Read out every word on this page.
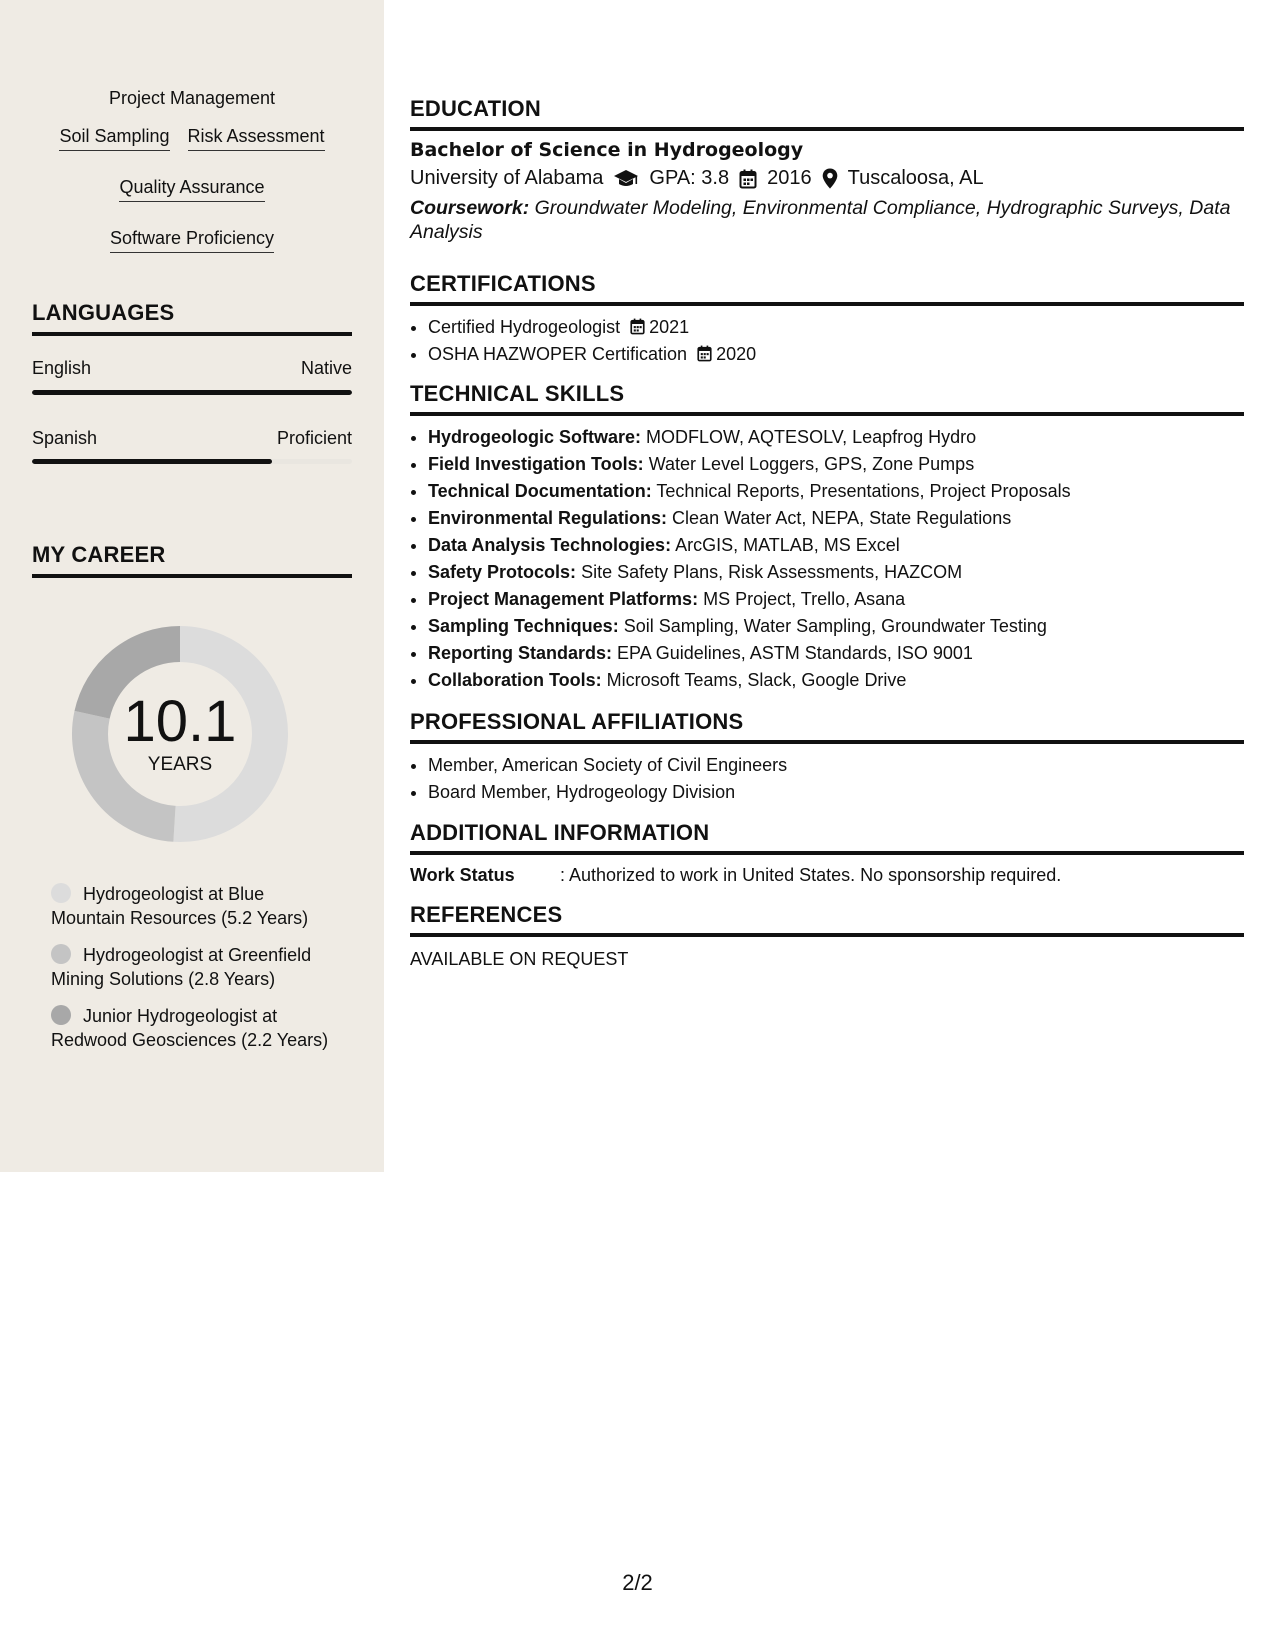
Project Management
Soil Sampling Risk Assessment
Quality Assurance
Software Proficiency
LANGUAGES
English	Native
Spanish	Proficient
MY CAREER
10.1
YEARS
Hydrogeologist at Blue Mountain Resources (5.2 Years)
Hydrogeologist at Greenfield Mining Solutions (2.8 Years)
Junior Hydrogeologist at Redwood Geosciences (2.2 Years)
EDUCATION
Bachelor of Science in Hydrogeology
University of Alabama GPA: 3.8 2016 Tuscaloosa, AL
Coursework: Groundwater Modeling, Environmental Compliance, Hydrographic Surveys, Data Analysis
CERTIFICATIONS
• Certified Hydrogeologist 2021
• OSHA HAZWOPER Certification 2020
TECHNICAL SKILLS
• Hydrogeologic Software: MODFLOW, AQTESOLV, Leapfrog Hydro
• Field Investigation Tools: Water Level Loggers, GPS, Zone Pumps
• Technical Documentation: Technical Reports, Presentations, Project Proposals
• Environmental Regulations: Clean Water Act, NEPA, State Regulations
• Data Analysis Technologies: ArcGIS, MATLAB, MS Excel
• Safety Protocols: Site Safety Plans, Risk Assessments, HAZCOM
• Project Management Platforms: MS Project, Trello, Asana
• Sampling Techniques: Soil Sampling, Water Sampling, Groundwater Testing
• Reporting Standards: EPA Guidelines, ASTM Standards, ISO 9001
• Collaboration Tools: Microsoft Teams, Slack, Google Drive
PROFESSIONAL AFFILIATIONS
• Member, American Society of Civil Engineers
• Board Member, Hydrogeology Division
ADDITIONAL INFORMATION
Work Status	: Authorized to work in United States. No sponsorship required.
REFERENCES
AVAILABLE ON REQUEST
2/2
